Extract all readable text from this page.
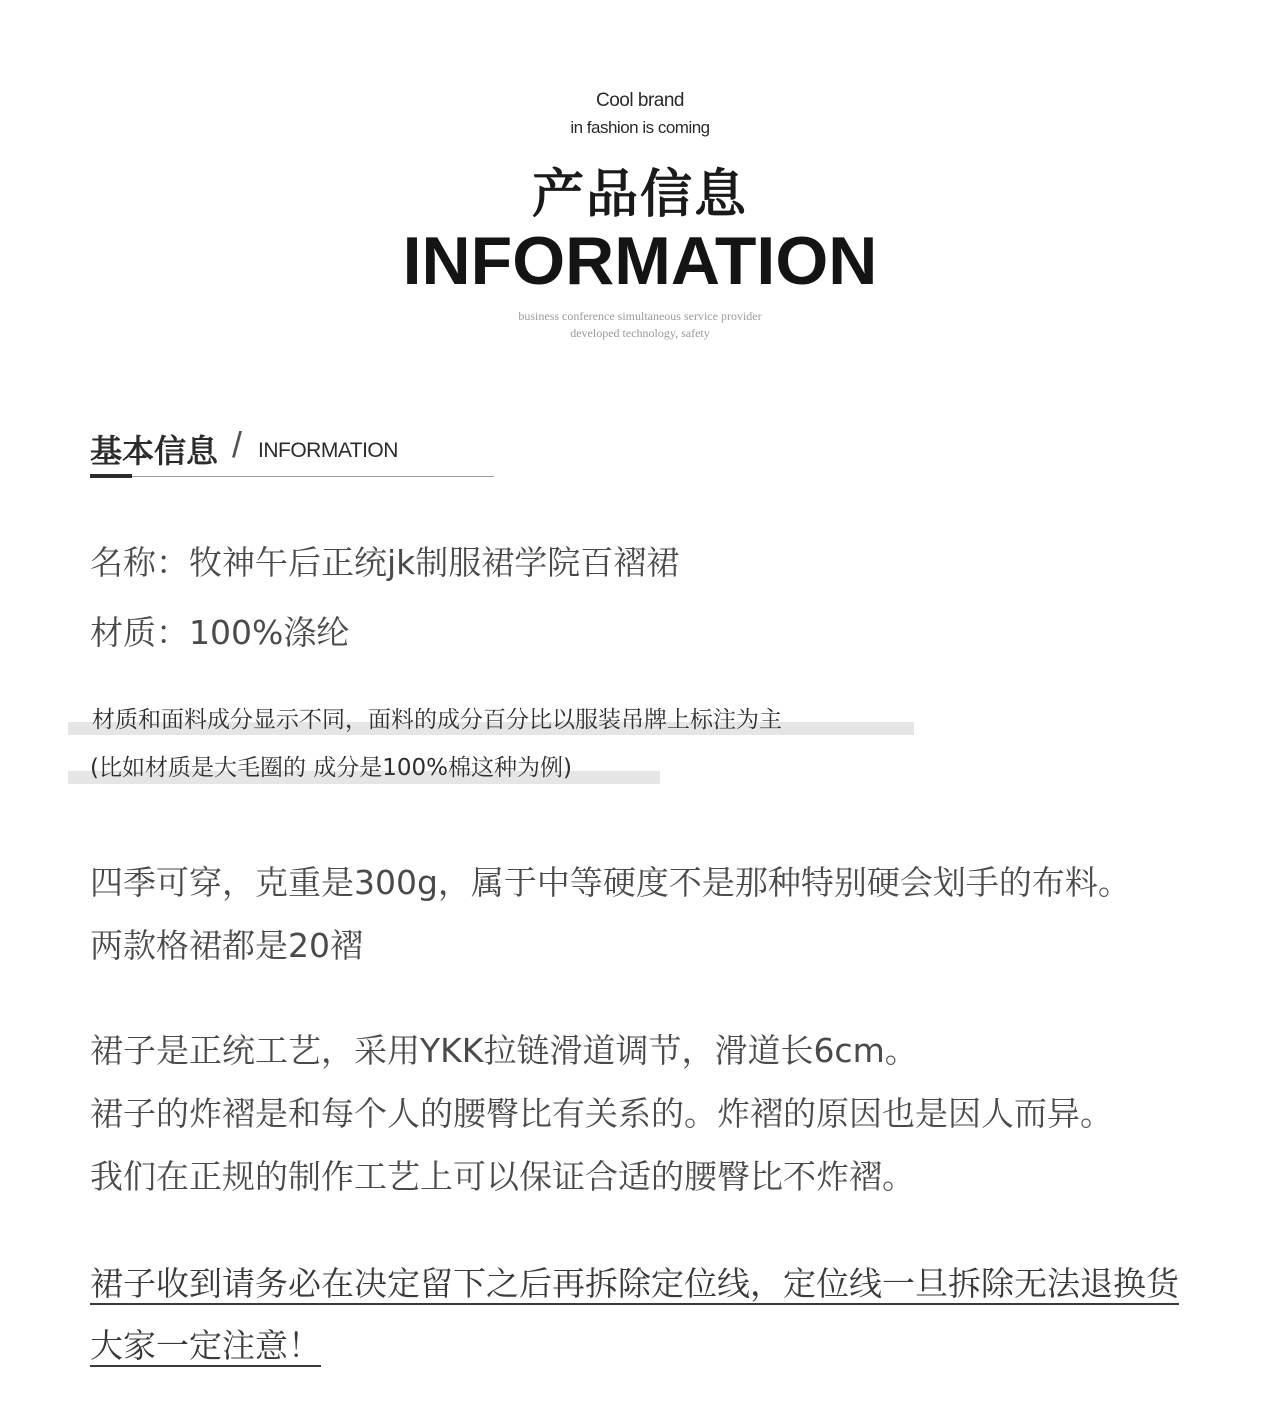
Cool brand
in fashion is coming
产品信息
INFORMATION
business conference simultaneous service provider
developed technology, safety
基本信息 / INFORMATION
名称：牧神午后正统jk制服裙学院百褶裙
材质：100%涤纶
材质和面料成分显示不同，面料的成分百分比以服装吊牌上标注为主
(比如材质是大毛圈的 成分是100%棉这种为例)
四季可穿，克重是300g，属于中等硬度不是那种特别硬会划手的布料。
两款格裙都是20褶
裙子是正统工艺，采用YKK拉链滑道调节，滑道长6cm。
裙子的炸褶是和每个人的腰臀比有关系的。炸褶的原因也是因人而异。
我们在正规的制作工艺上可以保证合适的腰臀比不炸褶。
裙子收到请务必在决定留下之后再拆除定位线，定位线一旦拆除无法退换货
大家一定注意！
